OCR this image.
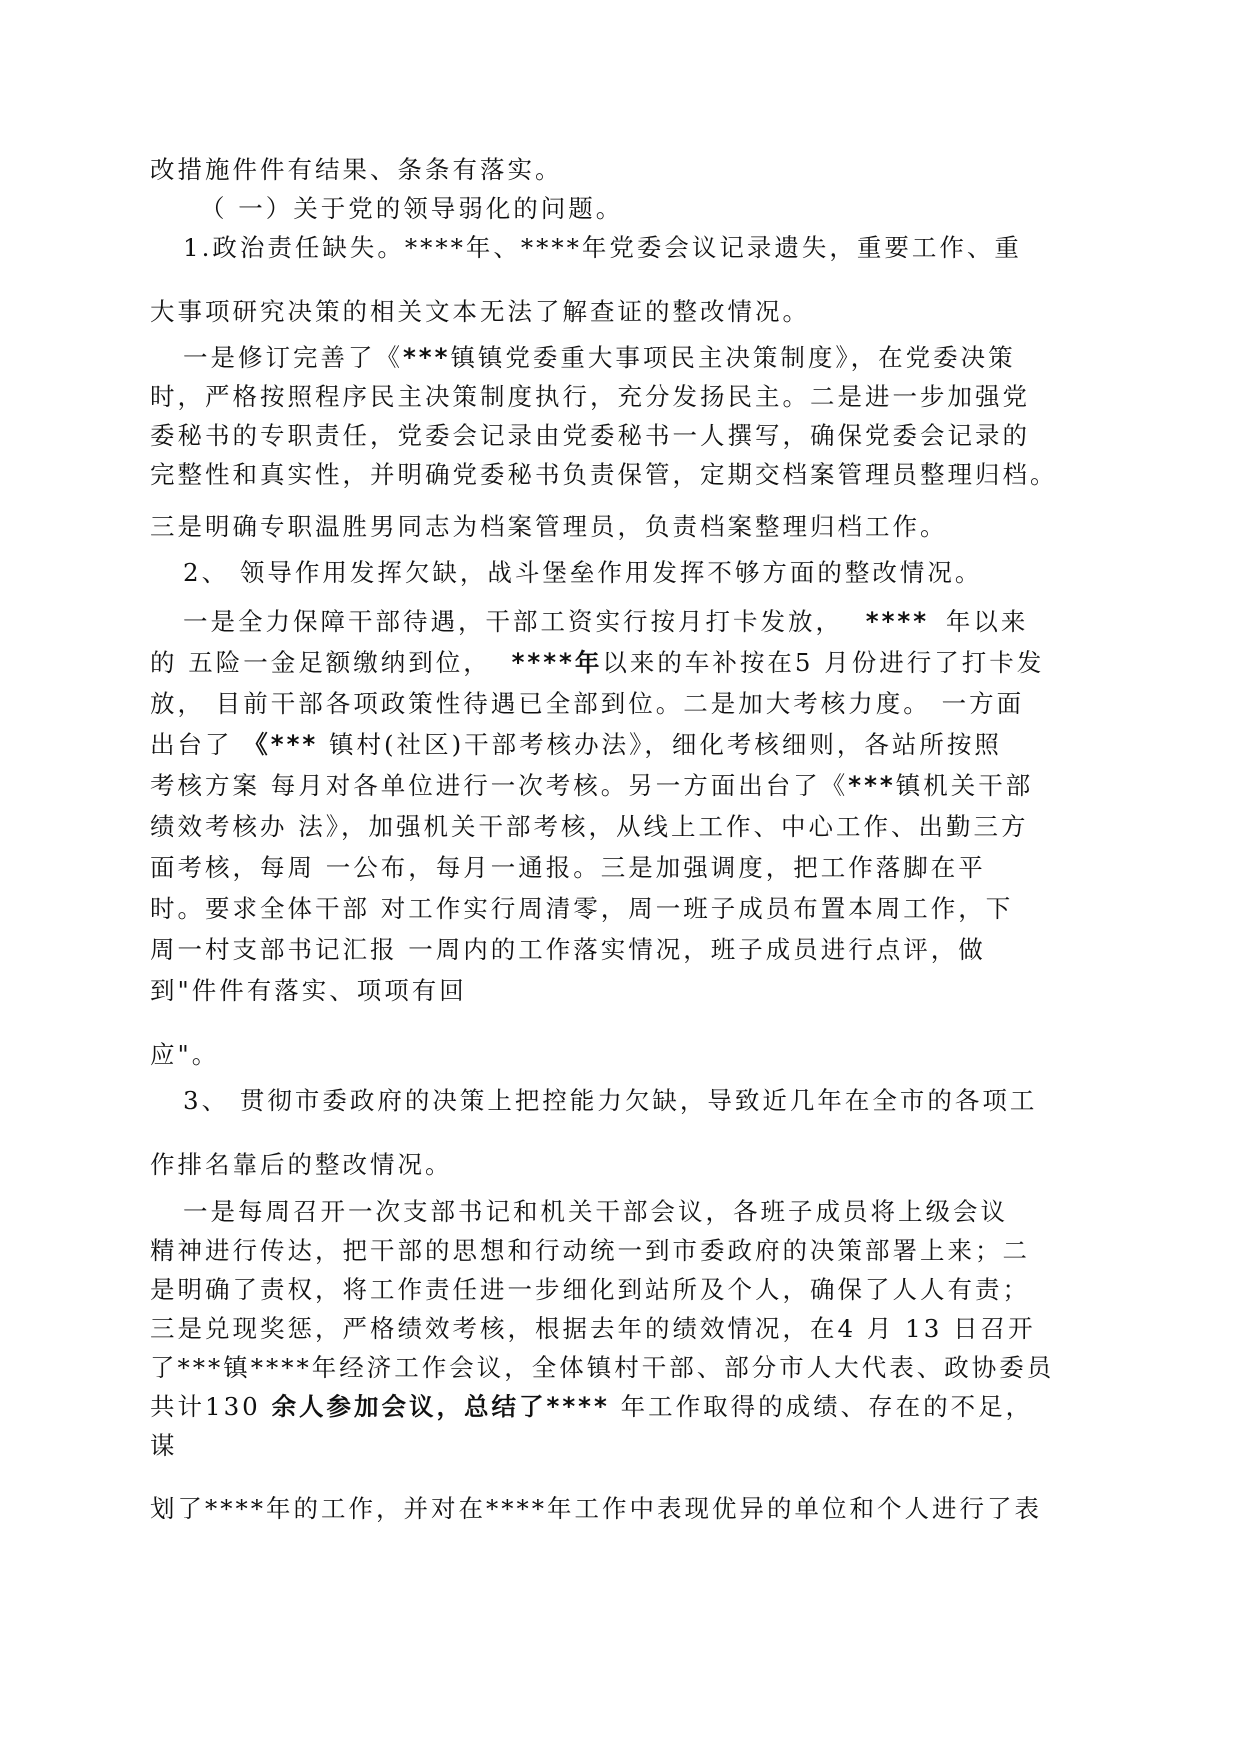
改措施件件有结果、条条有落实。
（ 一）关于党的领导弱化的问题。
1.政治责任缺失。****年、****年党委会议记录遗失，重要工作、重
大事项研究决策的相关文本无法了解查证的整改情况。
一是修订完善了《***镇镇党委重大事项民主决策制度》，在党委决策
时，严格按照程序民主决策制度执行，充分发扬民主。二是进一步加强党
委秘书的专职责任，党委会记录由党委秘书一人撰写，确保党委会记录的
完整性和真实性，并明确党委秘书负责保管，定期交档案管理员整理归档。
三是明确专职温胜男同志为档案管理员，负责档案整理归档工作。
2、 领导作用发挥欠缺，战斗堡垒作用发挥不够方面的整改情况。
一是全力保障干部待遇，干部工资实行按月打卡发放， **** 年以来
的 五险一金足额缴纳到位， ****年以来的车补按在5 月份进行了打卡发
放， 目前干部各项政策性待遇已全部到位。二是加大考核力度。 一方面
出台了 《*** 镇村(社区)干部考核办法》，细化考核细则，各站所按照
考核方案 每月对各单位进行一次考核。另一方面出台了《***镇机关干部
绩效考核办 法》，加强机关干部考核，从线上工作、中心工作、出勤三方
面考核，每周 一公布，每月一通报。三是加强调度，把工作落脚在平
时。要求全体干部 对工作实行周清零，周一班子成员布置本周工作，下
周一村支部书记汇报 一周内的工作落实情况，班子成员进行点评，做
到"件件有落实、项项有回
应"。
3、 贯彻市委政府的决策上把控能力欠缺，导致近几年在全市的各项工
作排名靠后的整改情况。
一是每周召开一次支部书记和机关干部会议，各班子成员将上级会议
精神进行传达，把干部的思想和行动统一到市委政府的决策部署上来；二
是明确了责权，将工作责任进一步细化到站所及个人，确保了人人有责；
三是兑现奖惩，严格绩效考核，根据去年的绩效情况，在4 月 13 日召开
了***镇****年经济工作会议，全体镇村干部、部分市人大代表、政协委员
共计130 余人参加会议，总结了**** 年工作取得的成绩、存在的不足，
谋
划了****年的工作，并对在****年工作中表现优异的单位和个人进行了表
